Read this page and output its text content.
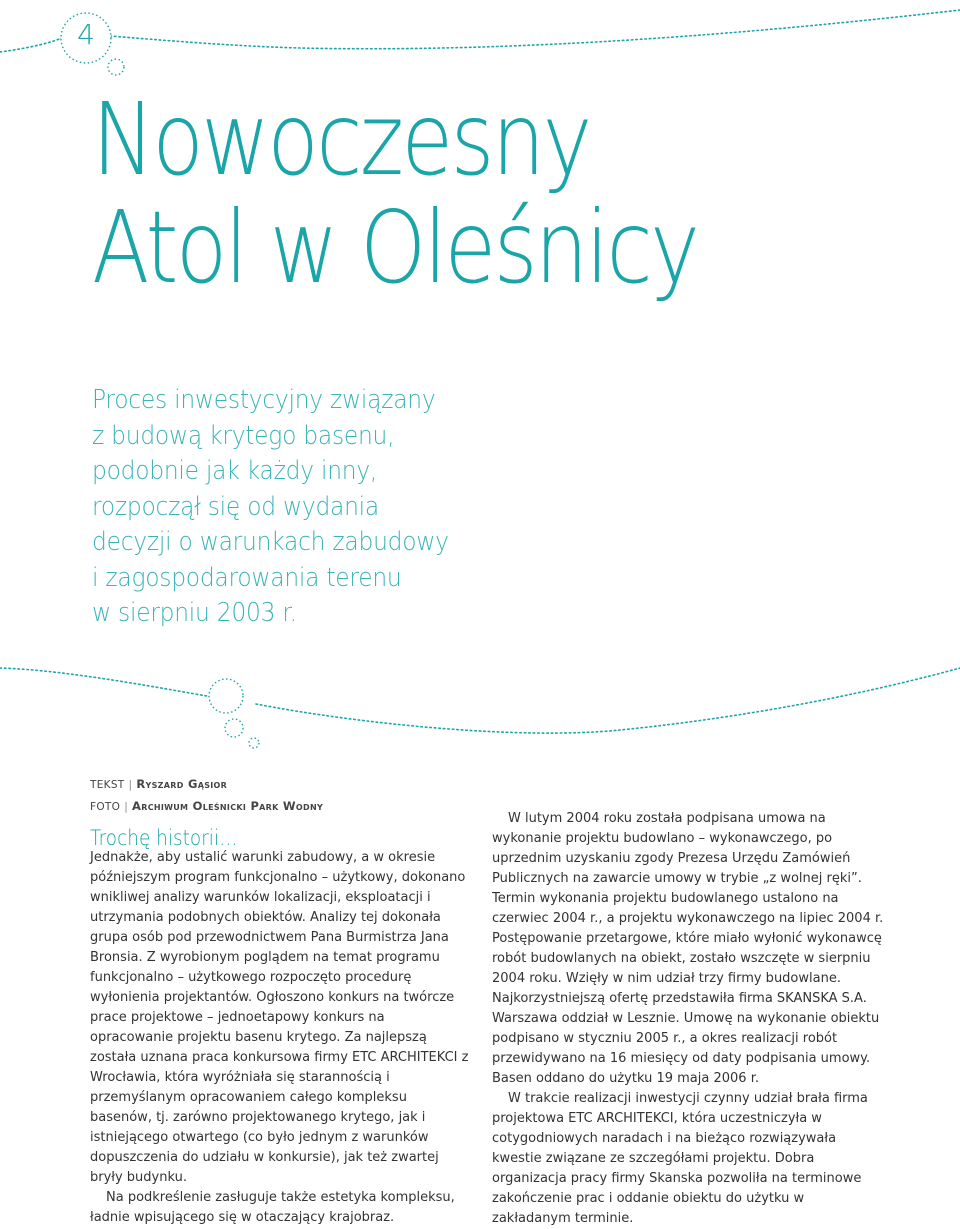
4
Nowoczesny
Atol w Oleśnicy
Proces inwestycyjny związany
z budową krytego basenu,
podobnie jak każdy inny,
rozpoczął się od wydania
decyzji o warunkach zabudowy
i zagospodarowania terenu
w sierpniu 2003 r.
TEKST | Ryszard Gąsior
FOTO | Archiwum Oleśnicki Park Wodny
Trochę historii…

Jednakże, aby ustalić warunki zabudowy, a w okresie późniejszym program funkcjonalno – użytkowy, dokonano wnikliwej analizy warunków lokalizacji, eksploatacji i utrzymania podobnych obiektów. Analizy tej dokonała grupa osób pod przewodnictwem Pana Burmistrza Jana Bronsia. Z wyrobionym poglądem na temat programu funkcjonalno – użytkowego rozpoczęto procedurę wyłonienia projektantów. Ogłoszono konkurs na twórcze prace projektowe – jednoetapowy konkurs na opracowanie projektu basenu krytego. Za najlepszą została uznana praca konkursowa firmy ETC ARCHITEKCI z Wrocławia, która wyróżniała się starannością i przemyślanym opracowaniem całego kompleksu basenów, tj. zarówno projektowanego krytego, jak i istniejącego otwartego (co było jednym z warunków dopuszczenia do udziału w konkursie), jak też zwartej bryły budynku.

Na podkreślenie zasługuje także estetyka kompleksu, ładnie wpisującego się w otaczający krajobraz.

W lutym 2004 roku została podpisana umowa na wykonanie projektu budowlano – wykonawczego, po uprzednim uzyskaniu zgody Prezesa Urzędu Zamówień Publicznych na zawarcie umowy w trybie „z wolnej ręki”. Termin wykonania projektu budowlanego ustalono na czerwiec 2004 r., a projektu wykonawczego na lipiec 2004 r. Postępowanie przetargowe, które miało wyłonić wykonawcę robót budowlanych na obiekt, zostało wszczęte w sierpniu 2004 roku. Wzięły w nim udział trzy firmy budowlane. Najkorzystniejszą ofertę przedstawiła firma SKANSKA S.A. Warszawa oddział w Lesznie. Umowę na wykonanie obiektu podpisano w styczniu 2005 r., a okres realizacji robót przewidywano na 16 miesięcy od daty podpisania umowy. Basen oddano do użytku 19 maja 2006 r.

W trakcie realizacji inwestycji czynny udział brała firma projektowa ETC ARCHITEKCI, która uczestniczyła w cotygodniowych naradach i na bieżąco rozwiązywała kwestie związane ze szczegółami projektu. Dobra organizacja pracy firmy Skanska pozwoliła na terminowe zakończenie prac i oddanie obiektu do użytku w zakładanym terminie.
